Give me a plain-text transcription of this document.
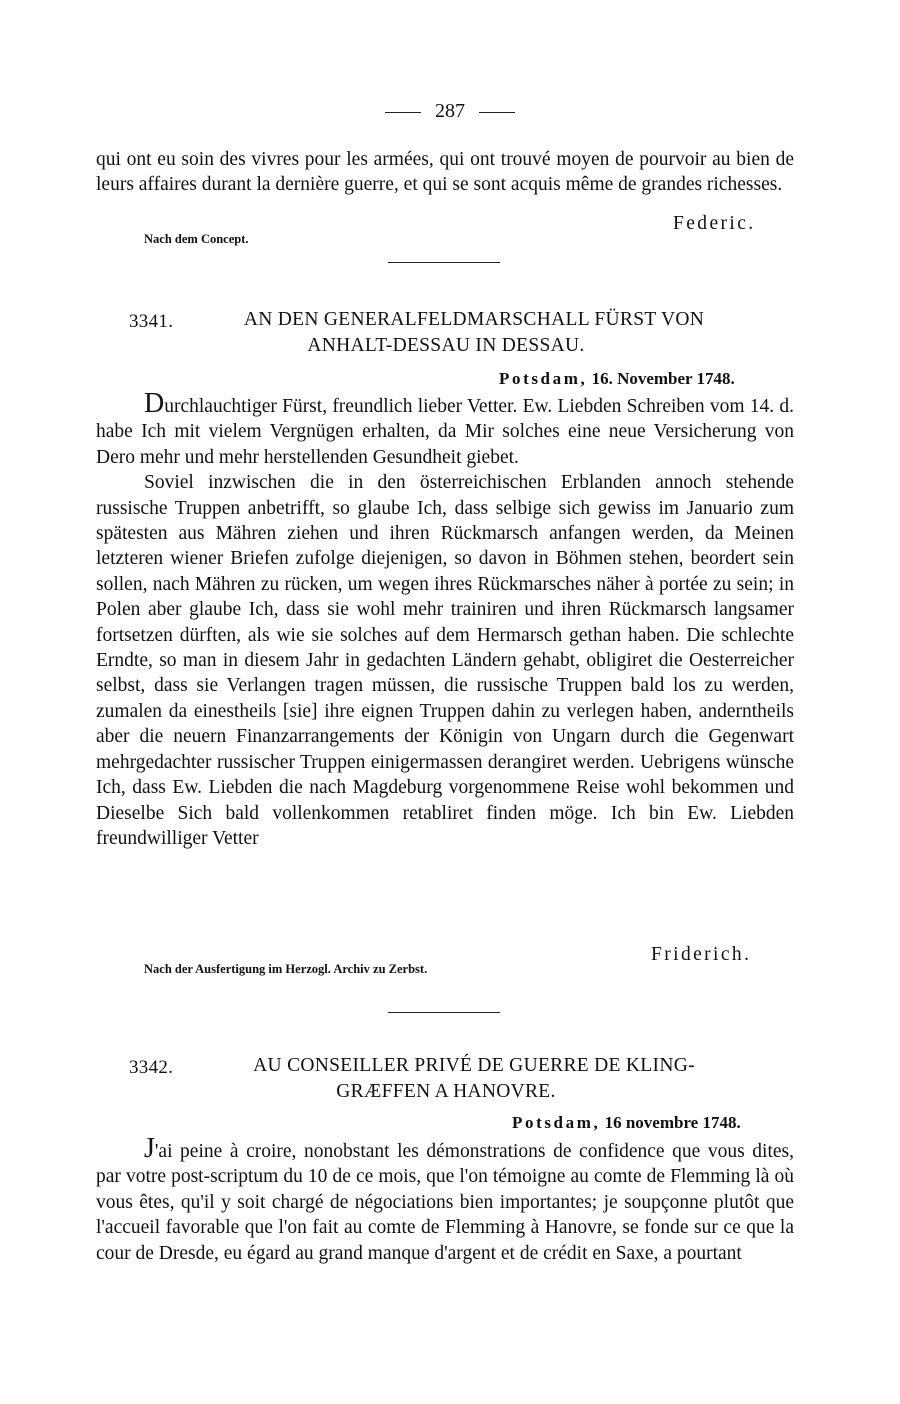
287

qui ont eu soin des vivres pour les armées, qui ont trouvé moyen de pourvoir au bien de leurs affaires durant la dernière guerre, et qui se sont acquis même de grandes richesses.

Federic.
Nach dem Concept.
3341.	AN DEN GENERALFELDMARSCHALL FÜRST VON
ANHALT-DESSAU IN DESSAU.
Potsdam, 16. November 1748.

Durchlauchtiger Fürst, freundlich lieber Vetter. Ew. Liebden Schreiben vom 14. d. habe Ich mit vielem Vergnügen erhalten, da Mir solches eine neue Versicherung von Dero mehr und mehr herstellenden Gesundheit giebet.

Soviel inzwischen die in den österreichischen Erblanden annoch stehende russische Truppen anbetrifft, so glaube Ich, dass selbige sich gewiss im Januario zum spätesten aus Mähren ziehen und ihren Rückmarsch anfangen werden, da Meinen letzteren wiener Briefen zufolge diejenigen, so davon in Böhmen stehen, beordert sein sollen, nach Mähren zu rücken, um wegen ihres Rückmarsches näher à portée zu sein; in Polen aber glaube Ich, dass sie wohl mehr trainiren und ihren Rückmarsch langsamer fortsetzen dürften, als wie sie solches auf dem Hermarsch gethan haben. Die schlechte Erndte, so man in diesem Jahr in gedachten Ländern gehabt, obligiret die Oesterreicher selbst, dass sie Verlangen tragen müssen, die russische Truppen bald los zu werden, zumalen da einestheils [sie] ihre eignen Truppen dahin zu verlegen haben, anderntheils aber die neuern Finanzarrangements der Königin von Ungarn durch die Gegenwart mehrgedachter russischer Truppen einigermassen derangiret werden. Uebrigens wünsche Ich, dass Ew. Liebden die nach Magdeburg vorgenommene Reise wohl bekommen und Dieselbe Sich bald vollenkommen retabliret finden möge. Ich bin Ew. Liebden freundwilliger Vetter

Friderich.
Nach der Ausfertigung im Herzogl. Archiv zu Zerbst.
3342.	AU CONSEILLER PRIVÉ DE GUERRE DE KLING-
GRÆFFEN A HANOVRE.
Potsdam, 16 novembre 1748.

J'ai peine à croire, nonobstant les démonstrations de confidence que vous dites, par votre post-scriptum du 10 de ce mois, que l'on témoigne au comte de Flemming là où vous êtes, qu'il y soit chargé de négociations bien importantes; je soupçonne plutôt que l'accueil favorable que l'on fait au comte de Flemming à Hanovre, se fonde sur ce que la cour de Dresde, eu égard au grand manque d'argent et de crédit en Saxe, a pourtant
